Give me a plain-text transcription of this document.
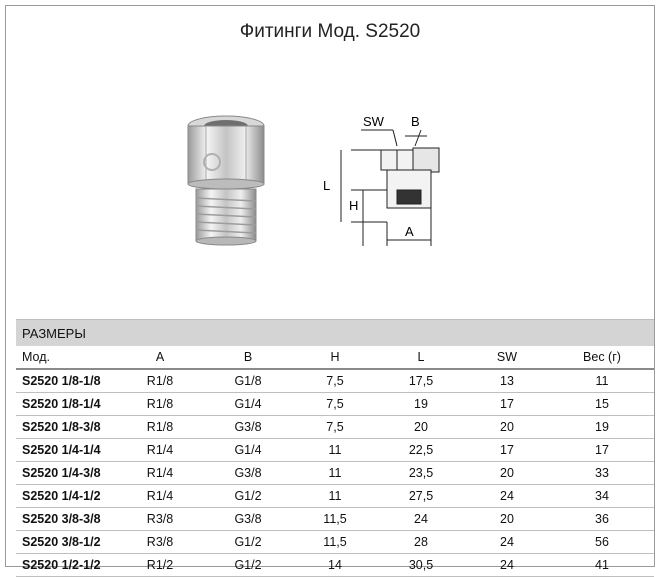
Фитинги Мод. S2520
SW B
L
H
A
РАЗМЕРЫ
Мод.	A	B	H	L	SW	Вес (г)
S2520 1/8-1/8	R1/8	G1/8	7,5	17,5	13	11
S2520 1/8-1/4	R1/8	G1/4	7,5	19	17	15
S2520 1/8-3/8	R1/8	G3/8	7,5	20	20	19
S2520 1/4-1/4	R1/4	G1/4	11	22,5	17	17
S2520 1/4-3/8	R1/4	G3/8	11	23,5	20	33
S2520 1/4-1/2	R1/4	G1/2	11	27,5	24	34
S2520 3/8-3/8	R3/8	G3/8	11,5	24	20	36
S2520 3/8-1/2	R3/8	G1/2	11,5	28	24	56
S2520 1/2-1/2	R1/2	G1/2	14	30,5	24	41
